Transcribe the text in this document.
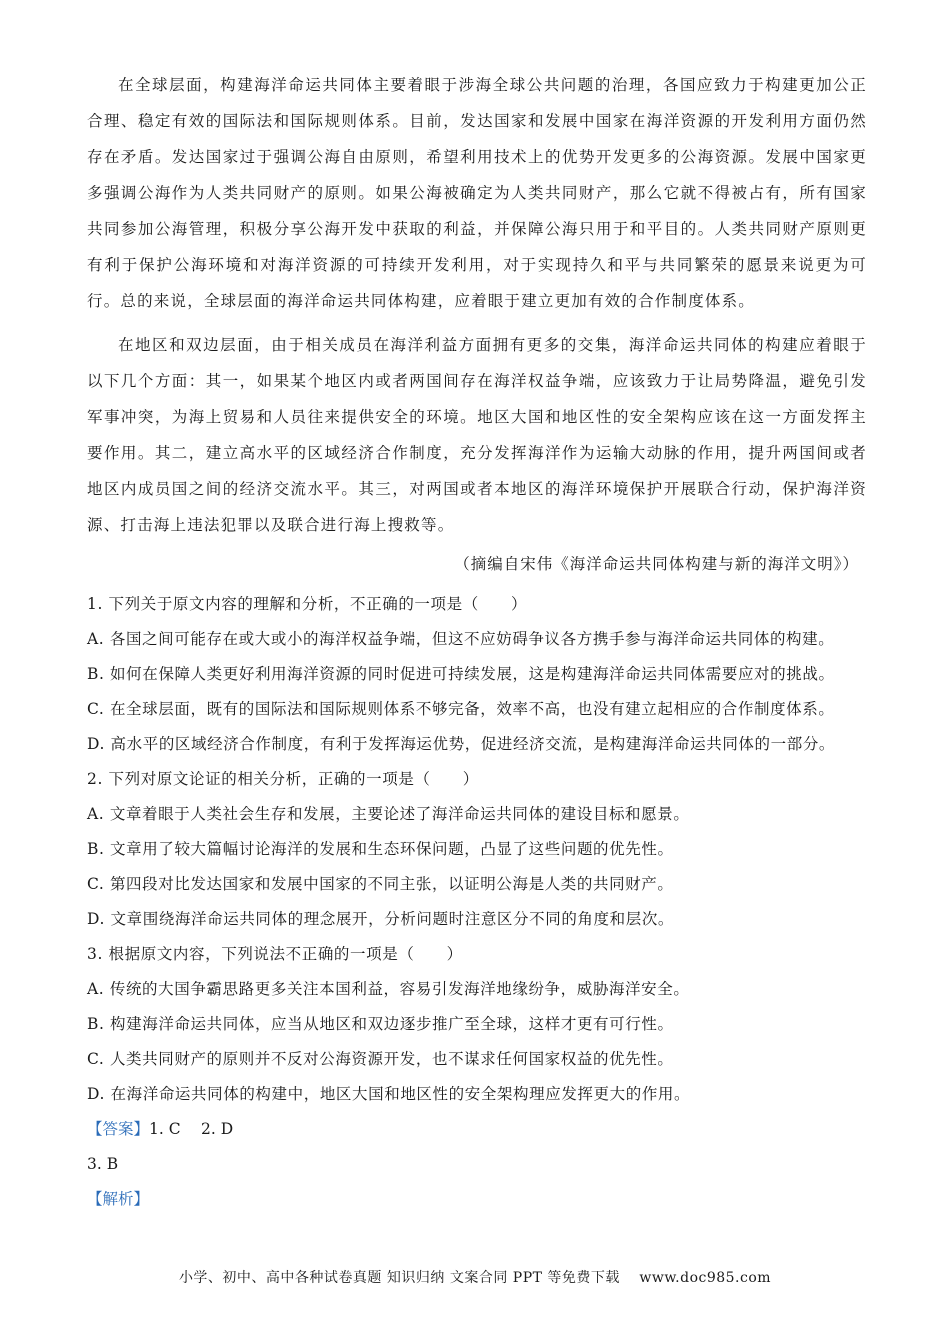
在全球层面，构建海洋命运共同体主要着眼于涉海全球公共问题的治理，各国应致力于构建更加公正合理、稳定有效的国际法和国际规则体系。目前，发达国家和发展中国家在海洋资源的开发利用方面仍然存在矛盾。发达国家过于强调公海自由原则，希望利用技术上的优势开发更多的公海资源。发展中国家更多强调公海作为人类共同财产的原则。如果公海被确定为人类共同财产，那么它就不得被占有，所有国家共同参加公海管理，积极分享公海开发中获取的利益，并保障公海只用于和平目的。人类共同财产原则更有利于保护公海环境和对海洋资源的可持续开发利用，对于实现持久和平与共同繁荣的愿景来说更为可行。总的来说，全球层面的海洋命运共同体构建，应着眼于建立更加有效的合作制度体系。

在地区和双边层面，由于相关成员在海洋利益方面拥有更多的交集，海洋命运共同体的构建应着眼于以下几个方面：其一，如果某个地区内或者两国间存在海洋权益争端，应该致力于让局势降温，避免引发军事冲突，为海上贸易和人员往来提供安全的环境。地区大国和地区性的安全架构应该在这一方面发挥主要作用。其二，建立高水平的区域经济合作制度，充分发挥海洋作为运输大动脉的作用，提升两国间或者地区内成员国之间的经济交流水平。其三，对两国或者本地区的海洋环境保护开展联合行动，保护海洋资源、打击海上违法犯罪以及联合进行海上搜救等。

（摘编自宋伟《海洋命运共同体构建与新的海洋文明》）
1. 下列关于原文内容的理解和分析，不正确的一项是（　　）
A. 各国之间可能存在或大或小的海洋权益争端，但这不应妨碍争议各方携手参与海洋命运共同体的构建。
B. 如何在保障人类更好利用海洋资源的同时促进可持续发展，这是构建海洋命运共同体需要应对的挑战。
C. 在全球层面，既有的国际法和国际规则体系不够完备，效率不高，也没有建立起相应的合作制度体系。
D. 高水平的区域经济合作制度，有利于发挥海运优势，促进经济交流，是构建海洋命运共同体的一部分。
2. 下列对原文论证的相关分析，正确的一项是（　　）
A. 文章着眼于人类社会生存和发展，主要论述了海洋命运共同体的建设目标和愿景。
B. 文章用了较大篇幅讨论海洋的发展和生态环保问题，凸显了这些问题的优先性。
C. 第四段对比发达国家和发展中国家的不同主张，以证明公海是人类的共同财产。
D. 文章围绕海洋命运共同体的理念展开，分析问题时注意区分不同的角度和层次。
3. 根据原文内容，下列说法不正确的一项是（　　）
A. 传统的大国争霸思路更多关注本国利益，容易引发海洋地缘纷争，威胁海洋安全。
B. 构建海洋命运共同体，应当从地区和双边逐步推广至全球，这样才更有可行性。
C. 人类共同财产的原则并不反对公海资源开发，也不谋求任何国家权益的优先性。
D. 在海洋命运共同体的构建中，地区大国和地区性的安全架构理应发挥更大的作用。
【答案】1. C　 2. D
3. B
【解析】
小学、初中、高中各种试卷真题 知识归纳 文案合同 PPT 等免费下载　 www.doc985.com
